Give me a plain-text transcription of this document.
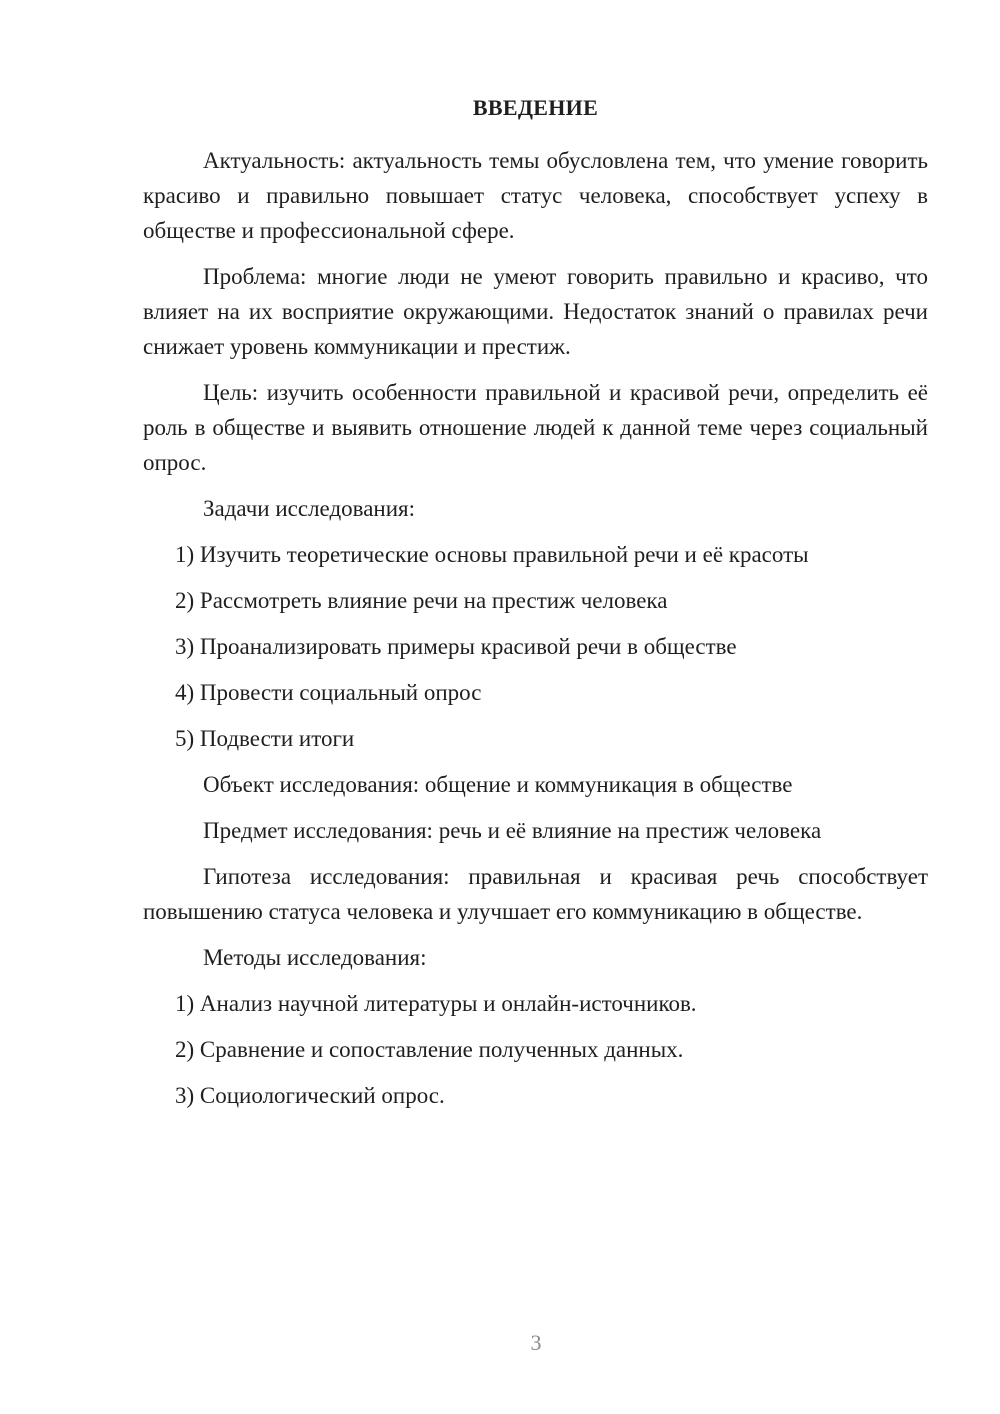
ВВЕДЕНИЕ

Актуальность: актуальность темы обусловлена тем, что умение говорить красиво и правильно повышает статус человека, способствует успеху в обществе и профессиональной сфере.

Проблема: многие люди не умеют говорить правильно и красиво, что влияет на их восприятие окружающими. Недостаток знаний о правилах речи снижает уровень коммуникации и престиж.

Цель: изучить особенности правильной и красивой речи, определить её роль в обществе и выявить отношение людей к данной теме через социальный опрос.

Задачи исследования:
1) Изучить теоретические основы правильной речи и её красоты
2) Рассмотреть влияние речи на престиж человека
3) Проанализировать примеры красивой речи в обществе
4) Провести социальный опрос
5) Подвести итоги
Объект исследования: общение и коммуникация в обществе
Предмет исследования: речь и её влияние на престиж человека

Гипотеза исследования: правильная и красивая речь способствует повышению статуса человека и улучшает его коммуникацию в обществе.

Методы исследования:
1) Анализ научной литературы и онлайн-источников.
2) Сравнение и сопоставление полученных данных.
3) Социологический опрос.
3
